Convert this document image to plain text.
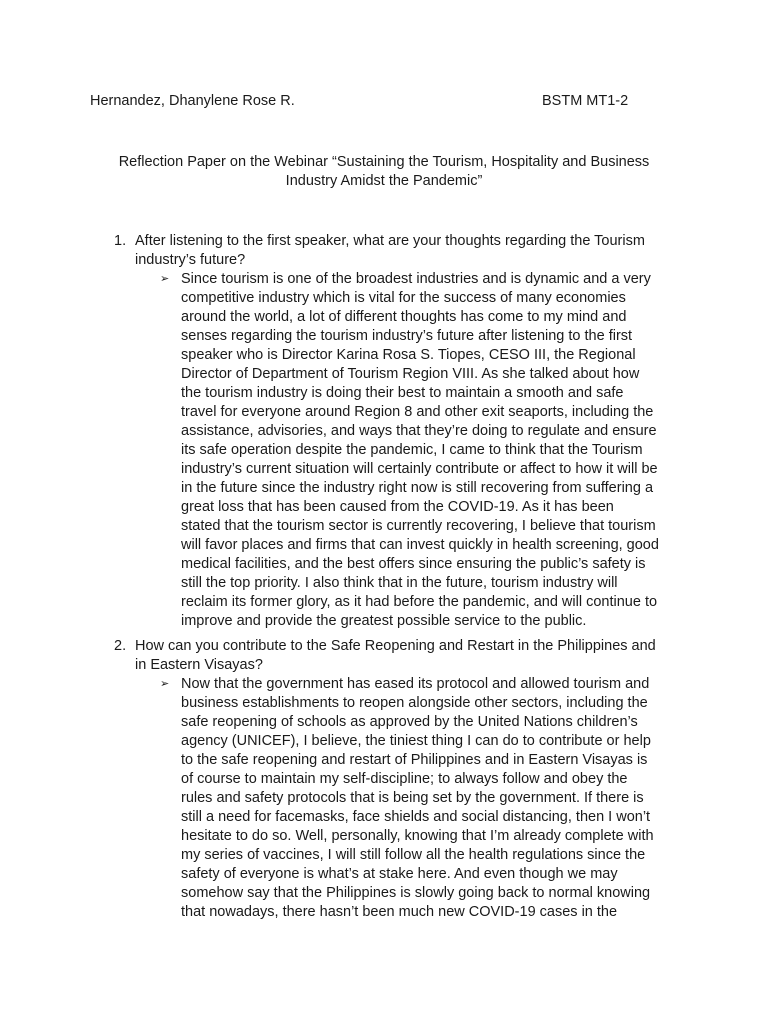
Hernandez, Dhanylene Rose R.	BSTM MT1-2
Reflection Paper on the Webinar “Sustaining the Tourism, Hospitality and Business
Industry Amidst the Pandemic”
1. After listening to the first speaker, what are your thoughts regarding the Tourism
industry’s future?
➢ Since tourism is one of the broadest industries and is dynamic and a very
competitive industry which is vital for the success of many economies
around the world, a lot of different thoughts has come to my mind and
senses regarding the tourism industry’s future after listening to the first
speaker who is Director Karina Rosa S. Tiopes, CESO III, the Regional
Director of Department of Tourism Region VIII. As she talked about how
the tourism industry is doing their best to maintain a smooth and safe
travel for everyone around Region 8 and other exit seaports, including the
assistance, advisories, and ways that they’re doing to regulate and ensure
its safe operation despite the pandemic, I came to think that the Tourism
industry’s current situation will certainly contribute or affect to how it will be
in the future since the industry right now is still recovering from suffering a
great loss that has been caused from the COVID-19. As it has been
stated that the tourism sector is currently recovering, I believe that tourism
will favor places and firms that can invest quickly in health screening, good
medical facilities, and the best offers since ensuring the public’s safety is
still the top priority. I also think that in the future, tourism industry will
reclaim its former glory, as it had before the pandemic, and will continue to
improve and provide the greatest possible service to the public.
2. How can you contribute to the Safe Reopening and Restart in the Philippines and
in Eastern Visayas?
➢ Now that the government has eased its protocol and allowed tourism and
business establishments to reopen alongside other sectors, including the
safe reopening of schools as approved by the United Nations children’s
agency (UNICEF), I believe, the tiniest thing I can do to contribute or help
to the safe reopening and restart of Philippines and in Eastern Visayas is
of course to maintain my self-discipline; to always follow and obey the
rules and safety protocols that is being set by the government. If there is
still a need for facemasks, face shields and social distancing, then I won’t
hesitate to do so. Well, personally, knowing that I’m already complete with
my series of vaccines, I will still follow all the health regulations since the
safety of everyone is what’s at stake here. And even though we may
somehow say that the Philippines is slowly going back to normal knowing
that nowadays, there hasn’t been much new COVID-19 cases in the
